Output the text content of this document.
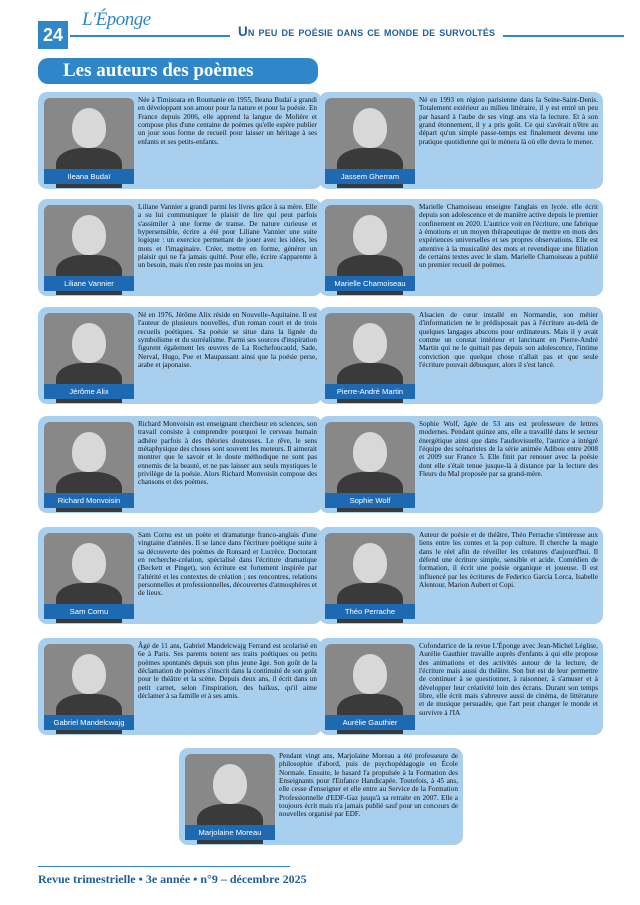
24
L'Éponge
Un peu de poésie dans ce monde de survoltés
Les auteurs des poèmes
Ileana Budaï
Née à Timisoara en Roumanie en 1955, Ileana Budaï a grandi en développant son amour pour la nature et pour la poésie. En France depuis 2006, elle apprend la langue de Molière et compose plus d'une centaine de poèmes qu'elle espère publier un jour sous forme de recueil pour laisser un héritage à ses enfants et ses petits-enfants.
Jassem Gherram
Né en 1993 en région parisienne dans la Seine-Saint-Denis. Totalement extérieur au milieu littéraire, il y est entré un peu par hasard à l'aube de ses vingt ans via la lecture. Et à son grand étonnement, il y a pris goût. Ce qui s'avérait n'être au départ qu'un simple passe-temps est finalement devenu une pratique quotidienne qui le mènera là où elle devra le mener.
Liliane Vannier
Liliane Vannier a grandi parmi les livres grâce à sa mère. Elle a su lui communiquer le plaisir de lire qui peut parfois s'assimiler à une forme de transe. De nature curieuse et hypersensible, écrire a été pour Liliane Vannier une suite logique : un exercice permettant de jouer avec les idées, les mots et l'imaginaire. Créer, mettre en forme, générer un plaisir qui ne l'a jamais quitté. Pour elle, écrire s'apparente à un besoin, mais n'en reste pas moins un jeu.
Marielle Chamoiseau
Marielle Chamoiseau enseigne l'anglais en lycée. elle écrit depuis son adolescence et de manière active depuis le premier confinement en 2020. L'autrice voit en l'écriture, une fabrique à émotions et un moyen thérapeutique de mettre en mots des expériences universelles et ses propres observations. Elle est attentive à la musicalité des mots et revendique une filiation de certains textes avec le slam. Marielle Chamoiseau a publié un premier recueil de poèmes.
Jérôme Alix
Né en 1976, Jérôme Alix réside en Nouvelle-Aquitaine. Il est l'auteur de plusieurs nouvelles, d'un roman court et de trois recueils poétiques. Sa poésie se situe dans la lignée du symbolisme et du surréalisme. Parmi ses sources d'inspiration figurent également les œuvres de La Rochefoucauld, Sade, Nerval, Hugo, Poe et Maupassant ainsi que la poésie perse, arabe et japonaise.
Pierre-André Martin
Alsacien de cœur installé en Normandie, son métier d'informaticien ne le prédisposait pas à l'écriture au-delà de quelques langages abscons pour ordinateurs. Mais il y avait comme un constat intérieur et lancinant en Pierre-André Martin qui ne le quittait pas depuis son adolescence, l'intime conviction que quelque chose n'allait pas et que seule l'écriture pouvait débusquer, alors il s'est lancé.
Richard Monvoisin
Richard Monvoisin est enseignant chercheur en sciences, son travail consiste à comprendre pourquoi le cerveau humain adhère parfois à des théories douteuses. Le rêve, le sens métaphysique des choses sont souvent les moteurs. Il aimerait montrer que le savoir et le doute méthodique ne sont pas ennemis de la beauté, et ne pas laisser aux seuls mystiques le privilège de la poésie. Alors Richard Monvoisin compose des chansons et des poèmes.
Sophie Wolf
Sophie Wolf, âgée de 53 ans est professeure de lettres modernes. Pendant quinze ans, elle a travaillé dans le secteur énergétique ainsi que dans l'audiovisuelle, l'autrice a intégré l'équipe des scénaristes de la série animée Adibou entre 2008 et 2009 sur France 5. Elle finit par renouer avec la poésie dont elle s'était tenue jusque-là à distance par la lecture des Fleurs du Mal proposée par sa grand-mère.
Sam Cornu
Sam Cornu est un poète et dramaturge franco-anglais d'une vingtaine d'années. Il se lance dans l'écriture poétique suite à sa découverte des poèmes de Ronsard et Lucrèce. Doctorant en recherche-création, spécialisé dans l'écriture dramatique (Beckett et Pinget), son écriture est fortement inspirée par l'altérité et les contextes de création ; ses rencontres, relations personnelles et professionnelles, découvertes d'atmosphères et de lieux.
Théo Perrache
Auteur de poésie et de théâtre, Théo Perrache s'intéresse aux liens entre les contes et la pop culture. Il cherche la magie dans le réel afin de réveiller les créatures d'aujourd'hui. Il défend une écriture simple, sensible et acide. Comédien de formation, il écrit une poésie organique et joueuse. Il est influencé par les écritures de Federico García Lorca, Isabelle Alentour, Marion Aubert et Copi.
Gabriel Mandelcwajg Ferrand
Âgé de 11 ans, Gabriel Mandelcwajg Ferrand est scolarisé en 6e à Paris. Ses parents notent ses traits poétiques ou petits poèmes spontanés depuis son plus jeune âge. Son goût de la déclamation de poèmes s'inscrit dans la continuité de son goût pour le théâtre et la scène. Depuis deux ans, il écrit dans un petit carnet, selon l'inspiration, des haïkus, qu'il aime déclamer à sa famille et à ses amis.
Aurélie Gauthier
Cofondatrice de la revue L'Éponge avec Jean-Michel Léglise, Aurélie Gauthier travaille auprès d'enfants à qui elle propose des animations et des activités autour de la lecture, de l'écriture mais aussi du théâtre. Son but est de leur permettre de continuer à se questionner, à raisonner, à s'amuser et à développer leur créativité loin des écrans. Durant son temps libre, elle écrit mais s'abreuve aussi de cinéma, de littérature et de musique persuadée, que l'art peut changer le monde et survivre à l'IA
Marjolaine Moreau
Pendant vingt ans, Marjolaine Moreau a été professeure de philosophie d'abord, puis de psychopédagogie en École Normale. Ensuite, le hasard l'a propulsée à la Formation des Enseignants pour l'Enfance Handicapée. Toutefois, à 45 ans, elle cesse d'enseigner et elle entre au Service de la Formation Professionnelle d'EDF-Gaz jusqu'à sa retraite en 2007. Elle a toujours écrit mais n'a jamais publié sauf pour un concours de nouvelles organisé par EDF.
Revue trimestrielle • 3e année • n°9 – décembre 2025
